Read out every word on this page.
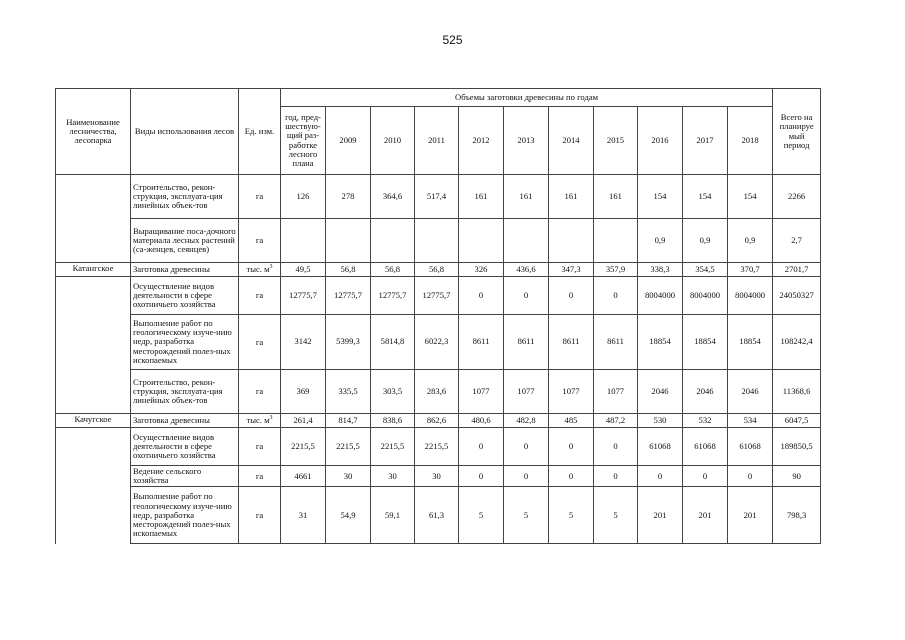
525
Наименование лесничества, лесопарка	Виды использования лесов	Ед. изм.	Объемы заготовки древесины по годам											Всего на планируе мый период
			год, пред-шествую-щий раз-работке лесного плана	2009	2010	2011	2012	2013	2014	2015	2016	2017	2018	
	Строительство, рекон-струкция, эксплуата-ция линейных объек-тов	га	126	278	364,6	517,4	161	161	161	161	154	154	154	2266
	Выращивание поса-дочного материала лесных растений (са-женцев, сеянцев)	га									0,9	0,9	0,9	2,7
Катангское	Заготовка древесины	тыс. $м^3$	49,5	56,8	56,8	56,8	326	436,6	347,3	357,9	338,3	354,5	370,7	2701,7
	Осуществление видов деятельности в сфере охотничьего хозяйства	га	12775,7	12775,7	12775,7	12775,7	0	0	0	0	8004000	8004000	8004000	24050327
	Выполнение работ по геологическому изуче-нию недр, разработка месторождений полез-ных ископаемых	га	3142	5399,3	5814,8	6022,3	8611	8611	8611	8611	18854	18854	18854	108242,4
	Строительство, рекон-струкция, эксплуата-ция линейных объек-тов	га	369	335,5	303,5	283,6	1077	1077	1077	1077	2046	2046	2046	11368,6
Качугское	Заготовка древесины	тыс. $м^3$	261,4	814,7	838,6	862,6	480,6	482,8	485	487,2	530	532	534	6047,5
	Осуществление видов деятельности в сфере охотничьего хозяйства	га	2215,5	2215,5	2215,5	2215,5	0	0	0	0	61068	61068	61068	189850,5
	Ведение сельского хозяйства	га	4661	30	30	30	0	0	0	0	0	0	0	90
	Выполнение работ по геологическому изуче-нию недр, разработка месторождений полез-ных ископаемых	га	31	54,9	59,1	61,3	5	5	5	5	201	201	201	798,3
